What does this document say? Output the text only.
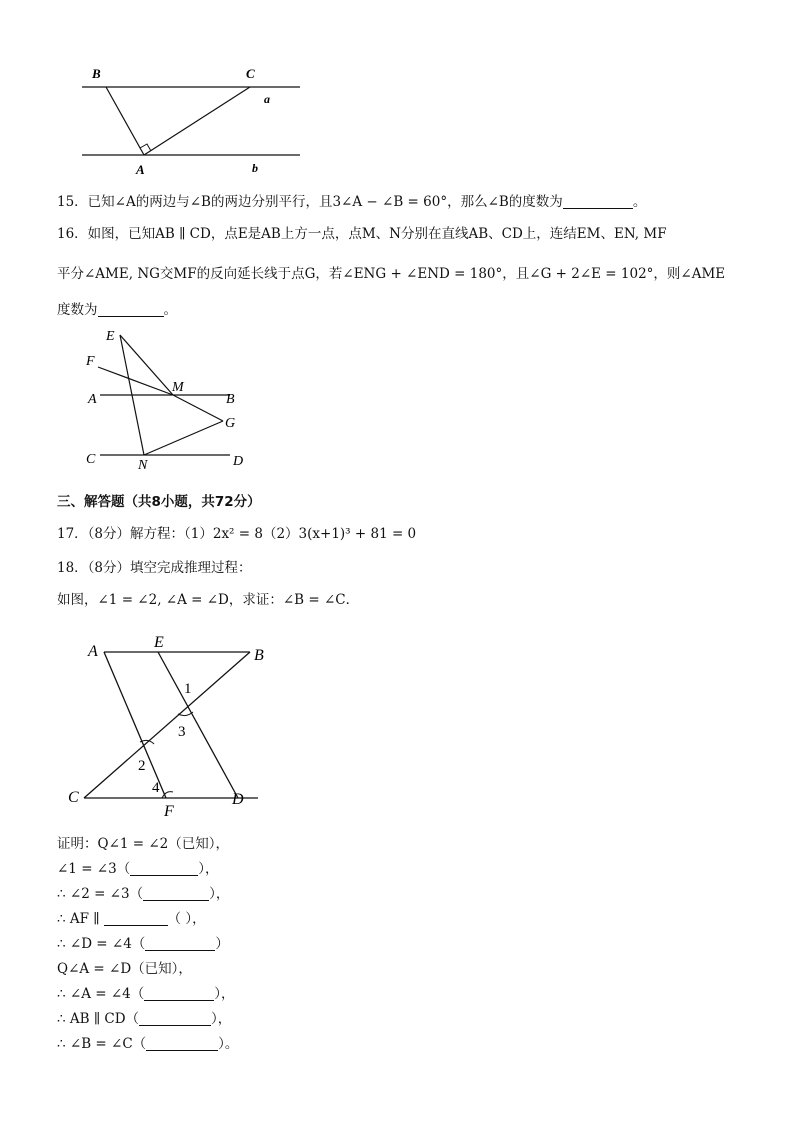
B	C
a
A	b
15．已知∠A的两边与∠B的两边分别平行，且3∠A − ∠B = 60°，那么∠B的度数为	。
16．如图，已知AB ∥ CD，点E是AB上方一点，点M、N分别在直线AB、CD上，连结EM、EN, MF
平分∠AME, NG交MF的反向延长线于点G，若∠ENG + ∠END = 180°，且∠G + 2∠E = 102°，则∠AME
度数为	。
E
F
M
A	B
G
C	N	D
三、解答题（共8小题，共72分）
17．（8分）解方程：（1）2x² = 8（2）3(x+1)³ + 81 = 0
18．（8分）填空完成推理过程：
如图，∠1 = ∠2, ∠A = ∠D，求证：∠B = ∠C．
A
E
B
1
3
2
4
C
F
D
证明：Q∠1 = ∠2（已知），
∠1 = ∠3（	），
∴ ∠2 = ∠3（	），
∴ AF ∥	（ ），
∴ ∠D = ∠4（	）
Q∠A = ∠D（已知），
∴ ∠A = ∠4（	），
∴ AB ∥ CD（	），
∴ ∠B = ∠C（	）。
